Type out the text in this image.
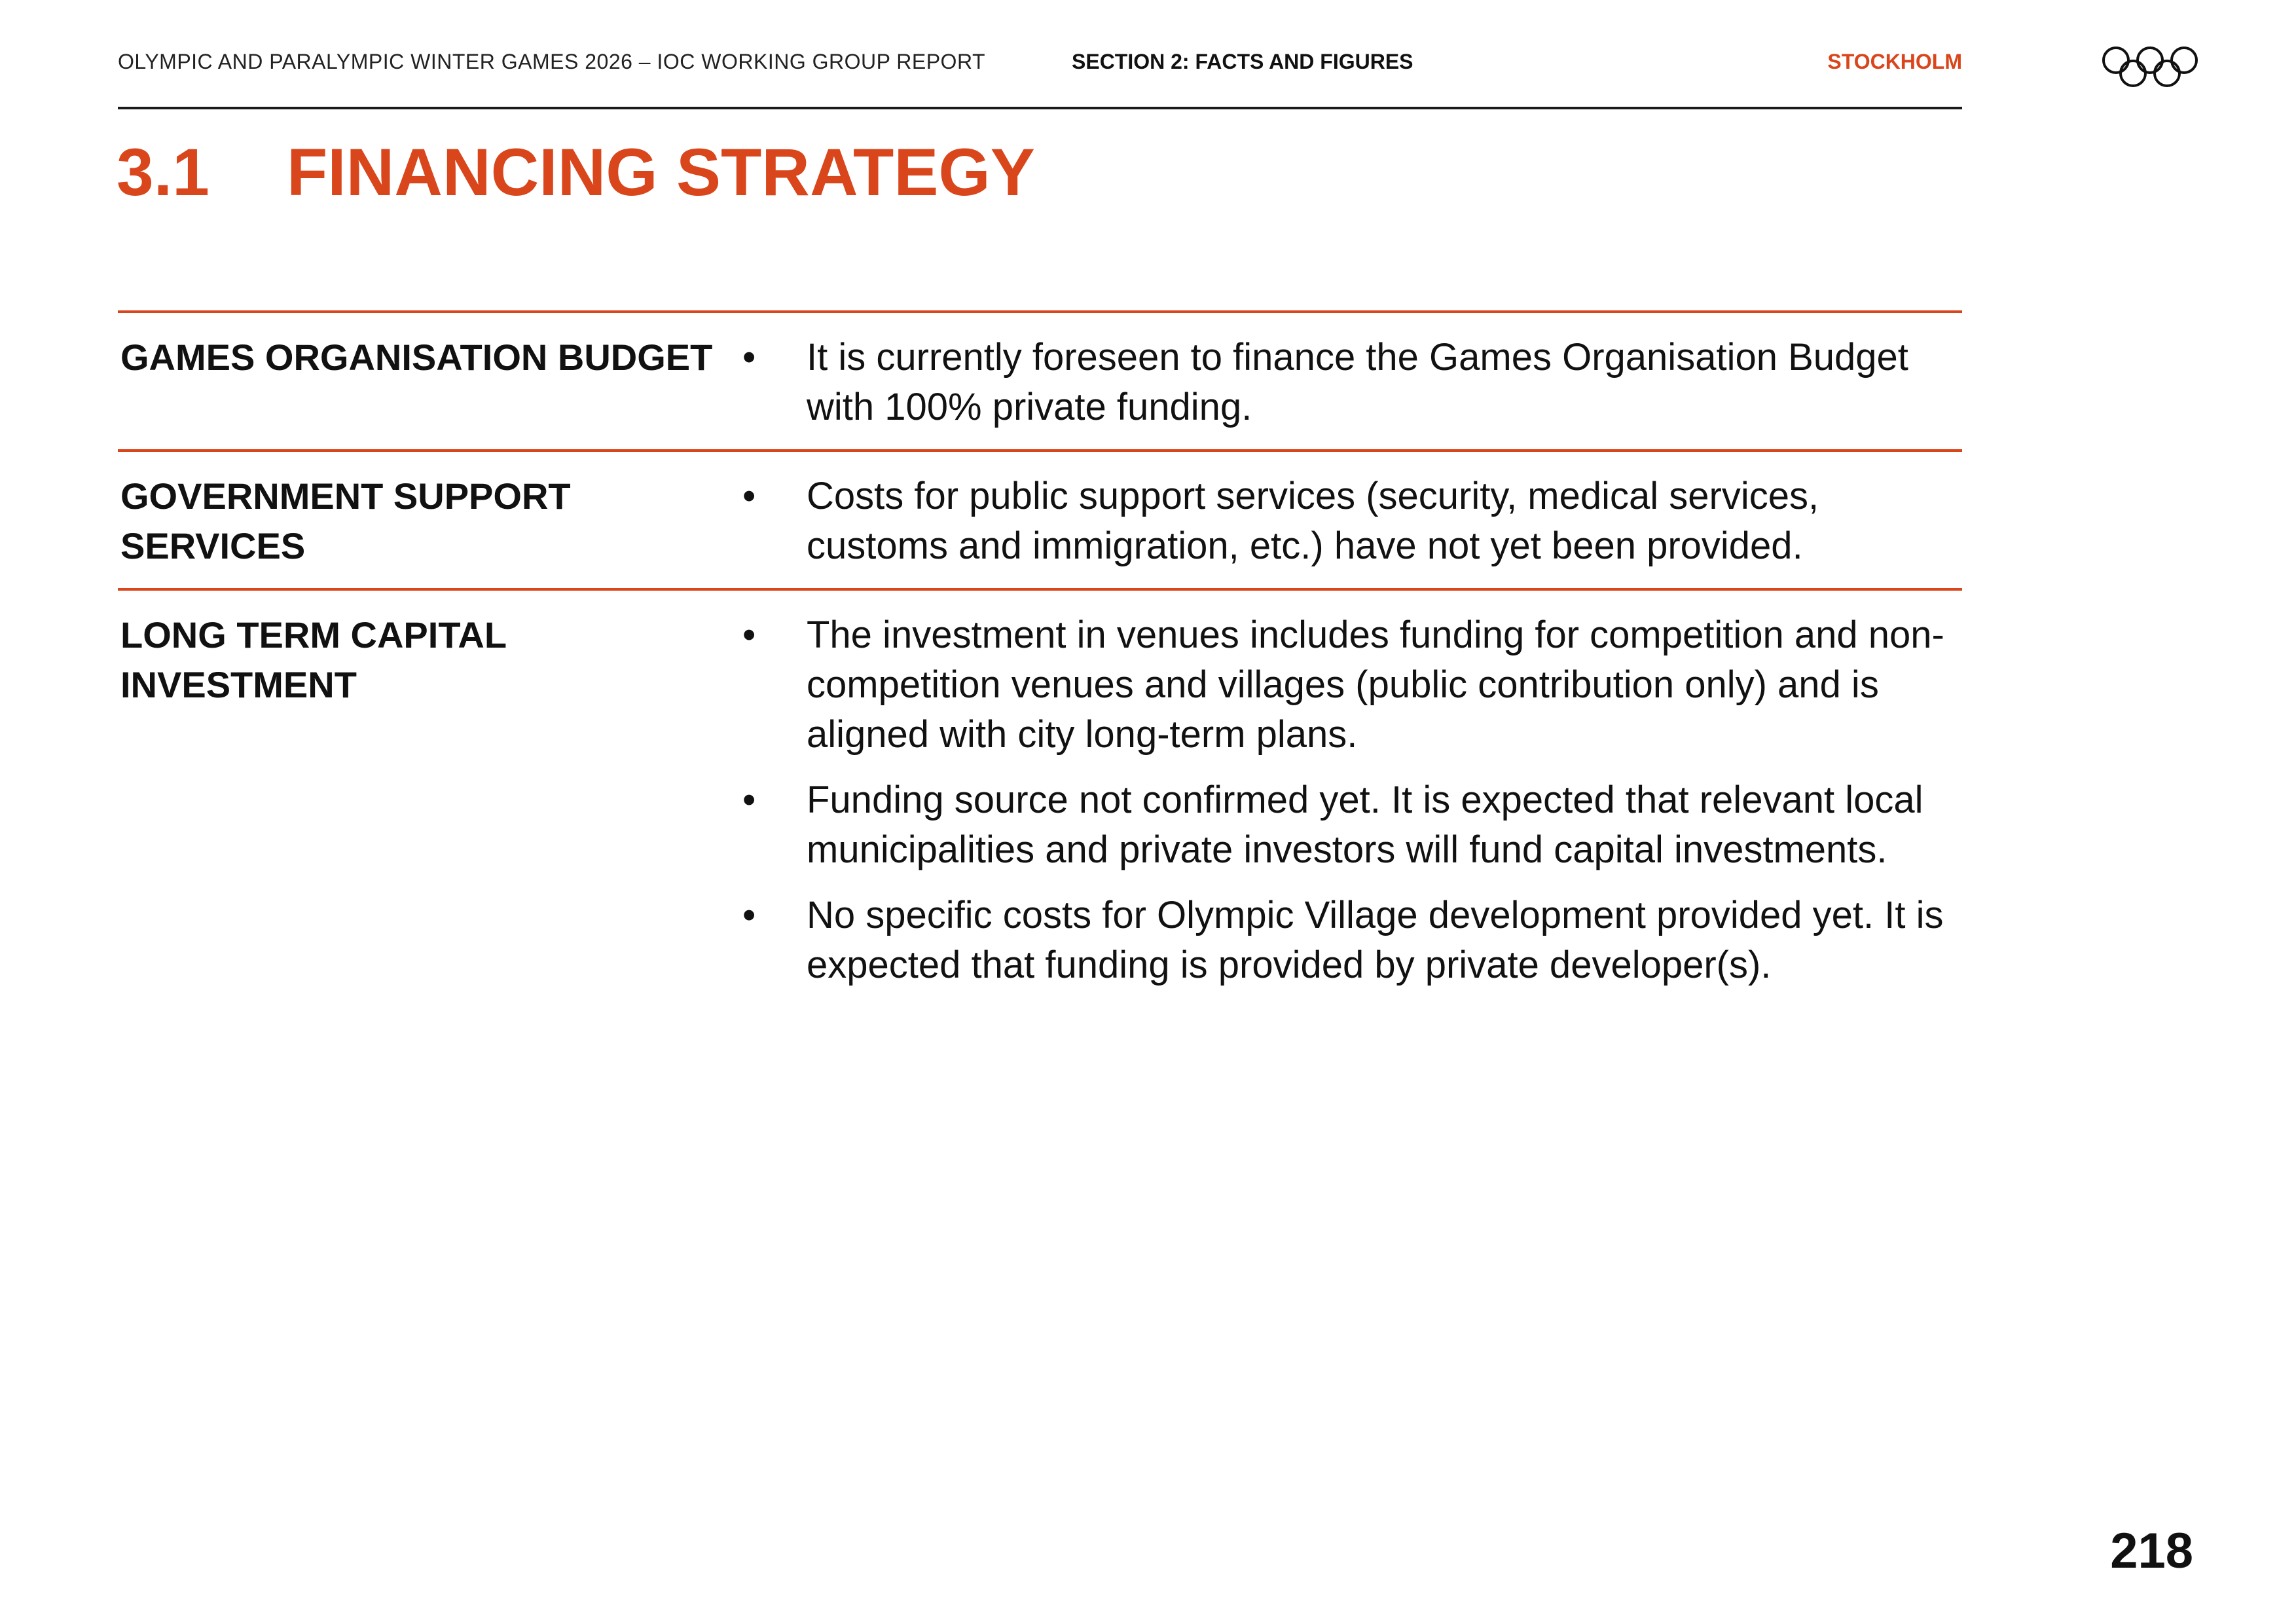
OLYMPIC AND PARALYMPIC WINTER GAMES 2026 – IOC WORKING GROUP REPORT	SECTION 2: FACTS AND FIGURES	STOCKHOLM
3.1 FINANCING STRATEGY
GAMES ORGANISATION BUDGET • It is currently foreseen to finance the Games Organisation Budget with 100% private funding.
GOVERNMENT SUPPORT SERVICES
• Costs for public support services (security, medical services, customs and immigration, etc.) have not yet been provided.
LONG TERM CAPITAL INVESTMENT
• The investment in venues includes funding for competition and non-competition venues and villages (public contribution only) and is aligned with city long-term plans.
• Funding source not confirmed yet. It is expected that relevant local municipalities and private investors will fund capital investments.
• No specific costs for Olympic Village development provided yet. It is expected that funding is provided by private developer(s).
218
